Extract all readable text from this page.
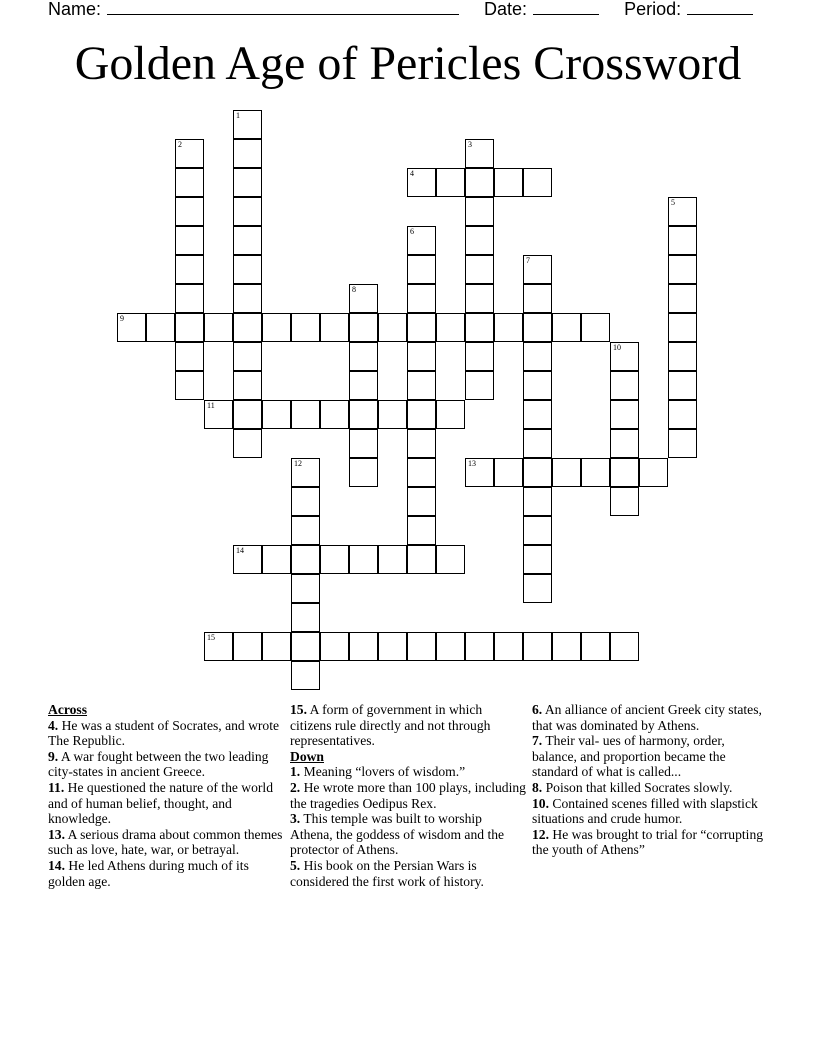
Name:	Date:	Period:
Golden Age of Pericles Crossword
1
2	3
4
5
6
7
8
9
10
11
12	13
14
15
Across
4. He was a student of Socrates, and wrote The Republic.
9. A war fought between the two leading city-states in ancient Greece.
11. He questioned the nature of the world and of human belief, thought, and knowledge.
13. A serious drama about common themes such as love, hate, war, or betrayal.
14. He led Athens during much of its golden age.
15. A form of government in which citizens rule directly and not through representatives.
Down
1. Meaning “lovers of wisdom.”
2. He wrote more than 100 plays, including the tragedies Oedipus Rex.
3. This temple was built to worship Athena, the goddess of wisdom and the protector of Athens.
5. His book on the Persian Wars is considered the first work of history.
6. An alliance of ancient Greek city states, that was dominated by Athens.
7. Their val- ues of harmony, order, balance, and proportion became the standard of what is called...
8. Poison that killed Socrates slowly.
10. Contained scenes filled with slapstick situations and crude humor.
12. He was brought to trial for “corrupting the youth of Athens”
